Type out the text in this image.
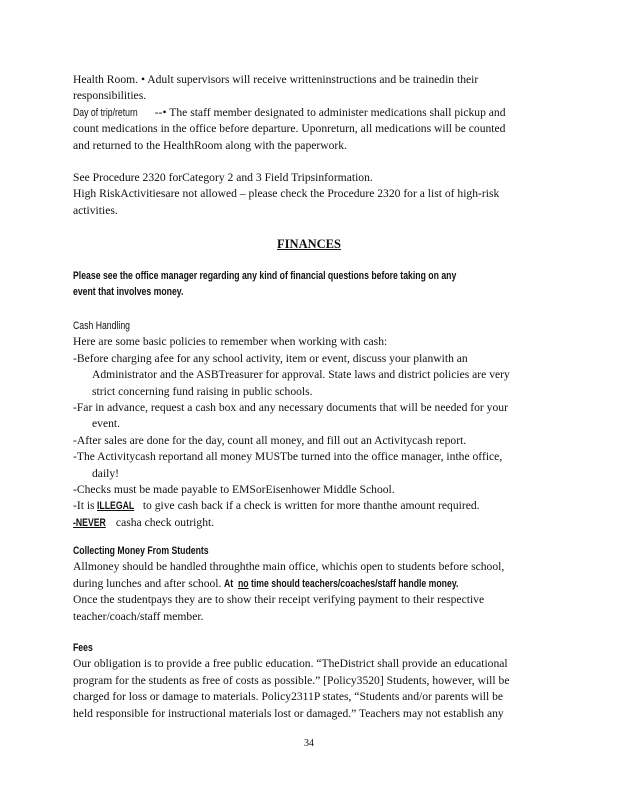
Health Room. • Adult supervisors will receive writteninstructions and be trainedin their
responsibilities.
Day of trip/return --• The staff member designated to administer medications shall pickup and
count medications in the office before departure. Uponreturn, all medications will be counted
and returned to the HealthRoom along with the paperwork.
See Procedure 2320 forCategory 2 and 3 Field Tripsinformation.
High RiskActivitiesare not allowed – please check the Procedure 2320 for a list of high-risk
activities.
FINANCES
Please see the office manager regarding any kind of financial questions before taking on any
event that involves money.
Cash Handling
Here are some basic policies to remember when working with cash:
-Before charging afee for any school activity, item or event, discuss your planwith an
Administrator and the ASBTreasurer for approval. State laws and district policies are very
strict concerning fund raising in public schools.
-Far in advance, request a cash box and any necessary documents that will be needed for your
event.
-After sales are done for the day, count all money, and fill out an Activitycash report.
-The Activitycash reportand all money MUSTbe turned into the office manager, inthe office,
daily!
-Checks must be made payable to EMSorEisenhower Middle School.
-It is ILLEGAL to give cash back if a check is written for more thanthe amount required.
-NEVER casha check outright.
Collecting Money From Students
Allmoney should be handled throughthe main office, whichis open to students before school,
during lunches and after school. At notime should teachers/coaches/staff handle money.
Once the studentpays they are to show their receipt verifying payment to their respective
teacher/coach/staff member.
Fees
Our obligation is to provide a free public education. “TheDistrict shall provide an educational
program for the students as free of costs as possible.” [Policy3520] Students, however, will be
charged for loss or damage to materials. Policy2311P states, “Students and/or parents will be
held responsible for instructional materials lost or damaged.” Teachers may not establish any
34
